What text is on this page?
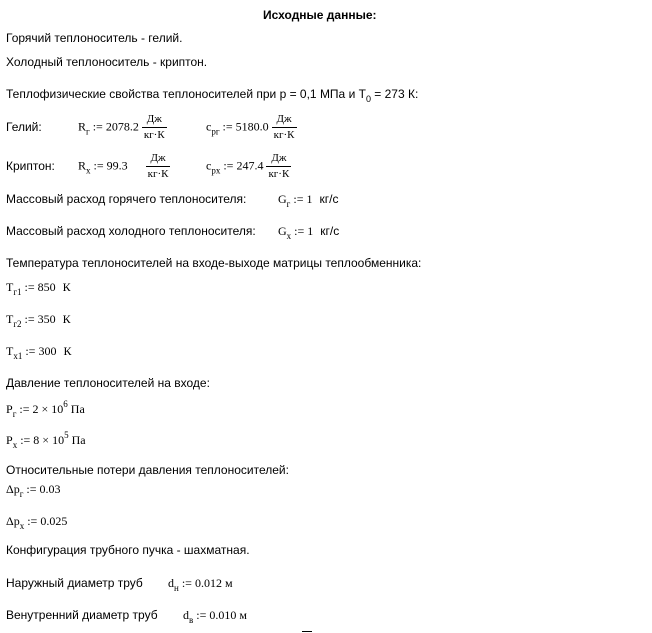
Исходные данные:
Горячий теплоноситель - гелий.
Холодный теплоноситель - криптон.
Теплофизические свойства теплоносителей при р = 0,1 МПа и $T_0 = 273$ К:
Гелий:	$R_г$ := $2078.2 \frac{Дж}{кг\cdot К}$	$c_{рг}$ := $5180.0 \frac{Дж}{кг\cdot К}$
Криптон: $R_х$ := $99.3 \frac{Дж}{кг\cdot К}$	$c_{рх}$ := $247.4 \frac{Дж}{кг\cdot К}$
Массовый расход горячего теплоносителя:	$G_г$ := 1 кг/с
Массовый расход холодного теплоносителя: $G_х$ := 1 кг/с
Температура теплоносителей на входе-выходе матрицы теплообменника:
$T_{г1}$ := 850 К
$T_{г2}$ := 350 К
$T_{х1}$ := 300 К
Давление теплоносителей на входе:
$P_г$ := $2 \times 10^6$ Па
$P_х$ := $8 \times 10^5$ Па
Относительные потери давления теплоносителей:
$\Delta p_г$ := 0.03
$\Delta p_х$ := 0.025
Конфигурация трубного пучка - шахматная.
Наружный диаметр труб $d_н$ := 0.012 м
Венутренний диаметр труб $d_в$ := 0.010 м
